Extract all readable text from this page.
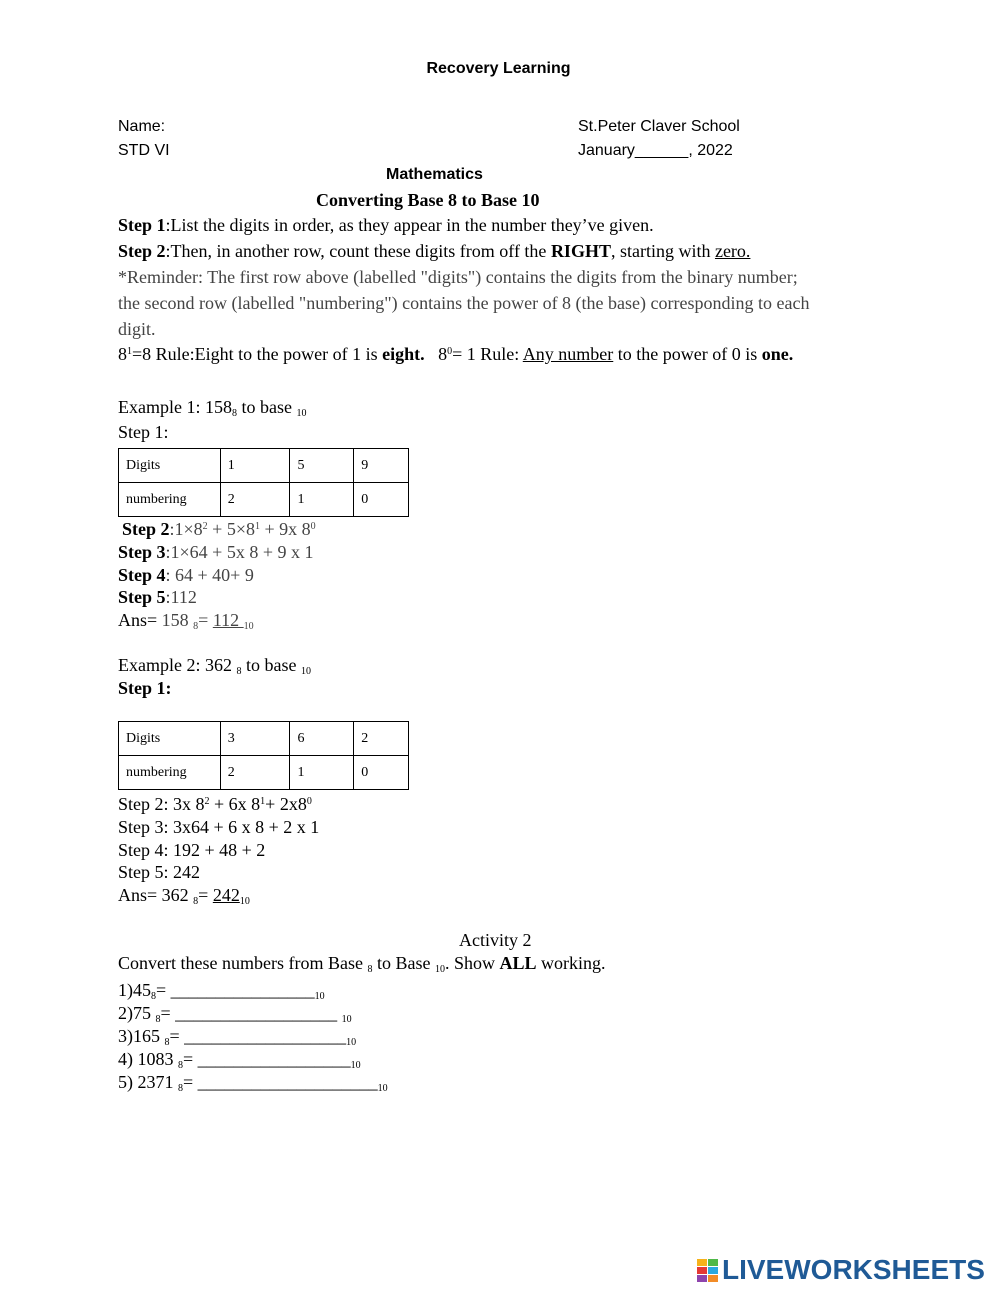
Recovery Learning
Name:	St.Peter Claver School
STD VI	January______, 2022
Mathematics
Converting Base 8 to Base 10
Step 1:List the digits in order, as they appear in the number they’ve given.
Step 2:Then, in another row, count these digits from off the RIGHT, starting with zero.
*Reminder: The first row above (labelled "digits") contains the digits from the binary number;
the second row (labelled "numbering") contains the power of 8 (the base) corresponding to each
digit.
$8^1=8$ Rule:Eight to the power of 1 is eight. $8^0= 1$ Rule: Any number to the power of 0 is one.
Example 1: $158_8$ to base $_{10}$
Step 1:
Digits	1	5	9
numbering	2	1	0
Step $2:1\times 8^2 + 5\times 8^1 + 9x$ $8^0$
Step 3:1×64 + 5x 8 + 9 x 1
Step 4: 64 + 40+ 9
Step 5:112
Ans= 158 $_8$= 112 $_{10}$
Example 2: 362 $_8$ to base $_{10}$
Step 1:
Digits	3	6	2
numbering	2	1	0
Step 2: 3x $8^2 + 6x$ $8^1+ 2x8^0$
Step 3: 3x64 + 6 x 8 + 2 x 1
Step 4: 192 + 48 + 2
Step 5: 242
Ans= 362 $_8= 242_{10}$
Activity 2
Convert these numbers from Base $_8$ to Base $_{10}$. Show ALL working.
$1)45_8=$ $\_\_\_\_\_\_\_\_\_\_\_\_\_\_\_\__{10}$
2)75 $_8$= __________________ $_{10}$
3)165 $_8= \_\_\_\_\_\_\_\_\_\_\_\_\_\_\_\_\_\__{10}$
4) 1083 $_8= \_\_\_\_\_\_\_\_\_\_\_\_\_\_\_\_\__{10}$
5) 2371 $_8= \_\_\_\_\_\_\_\_\_\_\_\_\_\_\_\_\_\_\_\__{10}$
LIVEWORKSHEETS
